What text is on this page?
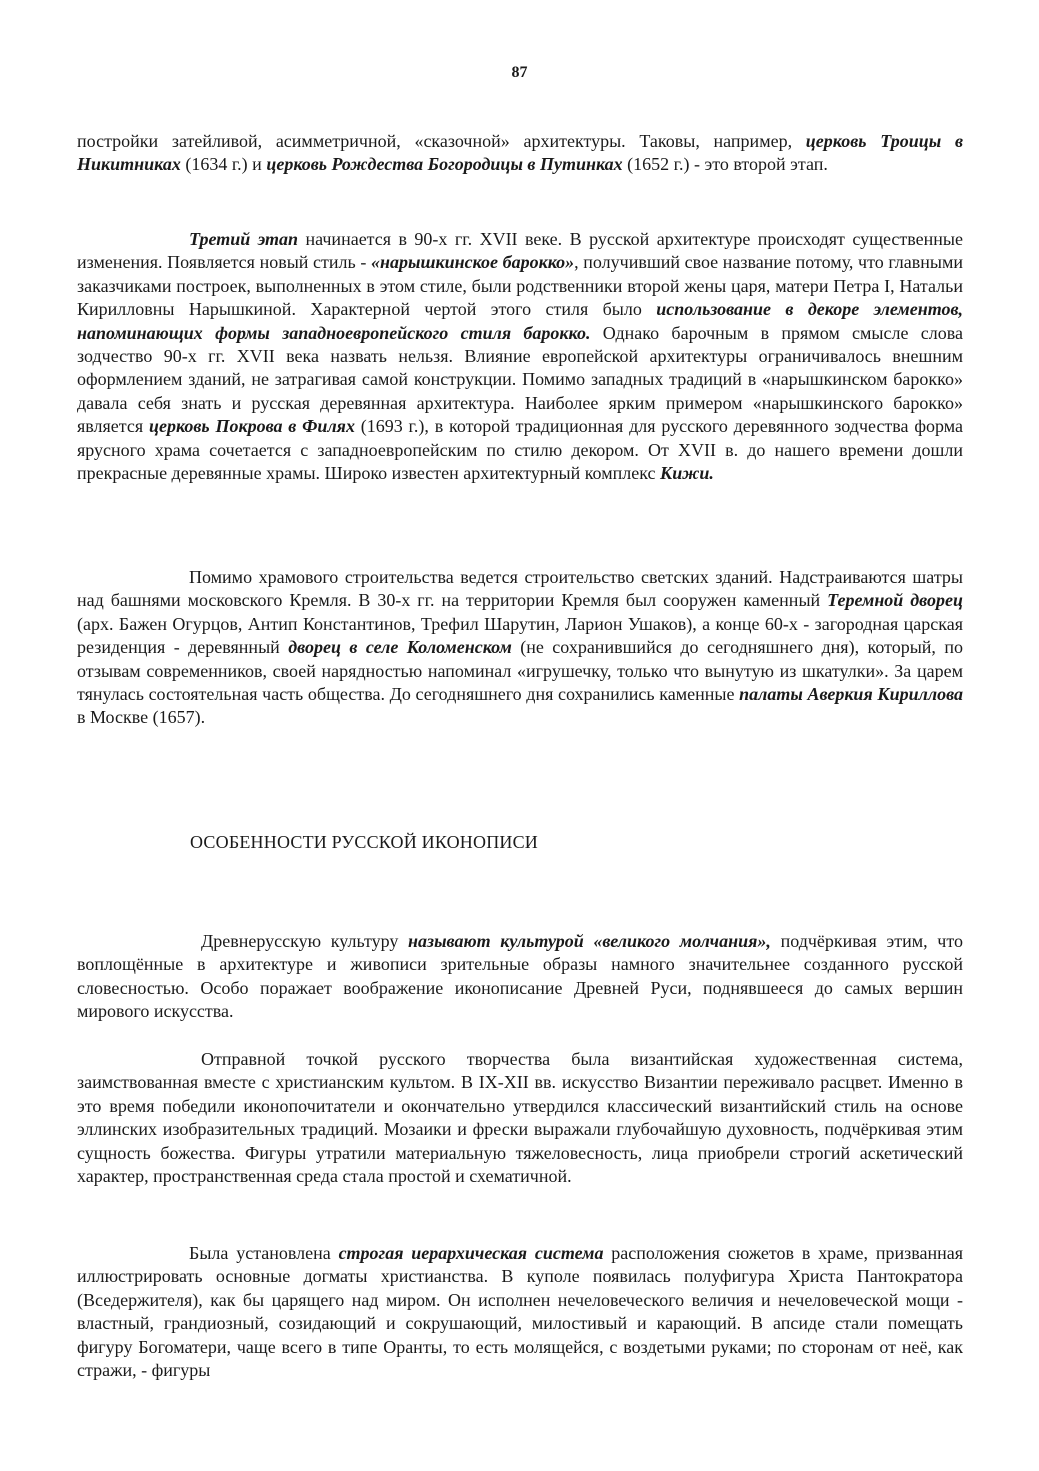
87

постройки затейливой, асимметричной, «сказочной» архитектуры. Таковы, например, церковь Троицы в Никитниках (1634 г.) и церковь Рождества Богородицы в Путинках (1652 г.) - это второй этап.

Третий этап начинается в 90-х гг. XVII веке. В русской архитектуре происходят существенные изменения. Появляется новый стиль - «нарышкинское барокко», получивший свое название потому, что главными заказчиками построек, выполненных в этом стиле, были родственники второй жены царя, матери Петра I, Натальи Кирилловны Нарышкиной. Характерной чертой этого стиля было использование в декоре элементов, напоминающих формы западноевропейского стиля барокко. Однако барочным в прямом смысле слова зодчество 90-х гг. XVII века назвать нельзя. Влияние европейской архитектуры ограничивалось внешним оформлением зданий, не затрагивая самой конструкции. Помимо западных традиций в «нарышкинском барокко» давала себя знать и русская деревянная архитектура. Наиболее ярким примером «нарышкинского барокко» является церковь Покрова в Филях (1693 г.), в которой традиционная для русского деревянного зодчества форма ярусного храма сочетается с западноевропейским по стилю декором. От XVII в. до нашего времени дошли прекрасные деревянные храмы. Широко известен архитектурный комплекс Кижи.

Помимо храмового строительства ведется строительство светских зданий. Надстраиваются шатры над башнями московского Кремля. В 30-х гг. на территории Кремля был сооружен каменный Теремной дворец (арх. Бажен Огурцов, Антип Константинов, Трефил Шарутин, Ларион Ушаков), а конце 60-х - загородная царская резиденция - деревянный дворец в селе Коломенском (не сохранившийся до сегодняшнего дня), который, по отзывам современников, своей нарядностью напоминал «игрушечку, только что вынутую из шкатулки». За царем тянулась состоятельная часть общества. До сегодняшнего дня сохранились каменные палаты Аверкия Кириллова в Москве (1657).

ОСОБЕННОСТИ РУССКОЙ ИКОНОПИСИ

Древнерусскую культуру называют культурой «великого молчания», подчёркивая этим, что воплощённые в архитектуре и живописи зрительные образы намного значительнее созданного русской словесностью. Особо поражает воображение иконописание Древней Руси, поднявшееся до самых вершин мирового искусства.

Отправной точкой русского творчества была византийская художественная система, заимствованная вместе с христианским культом. В IX-XII вв. искусство Византии переживало расцвет. Именно в это время победили иконопочитатели и окончательно утвердился классический византийский стиль на основе эллинских изобразительных традиций. Мозаики и фрески выражали глубочайшую духовность, подчёркивая этим сущность божества. Фигуры утратили материальную тяжеловесность, лица приобрели строгий аскетический характер, пространственная среда стала простой и схематичной.

Была установлена строгая иерархическая система расположения сюжетов в храме, призванная иллюстрировать основные догматы христианства. В куполе появилась полуфигура Христа Пантократора (Вседержителя), как бы царящего над миром. Он исполнен нечеловеческого величия и нечеловеческой мощи - властный, грандиозный, созидающий и сокрушающий, милостивый и карающий. В апсиде стали помещать фигуру Богоматери, чаще всего в типе Оранты, то есть молящейся, с воздетыми руками; по сторонам от неё, как стражи, - фигуры
